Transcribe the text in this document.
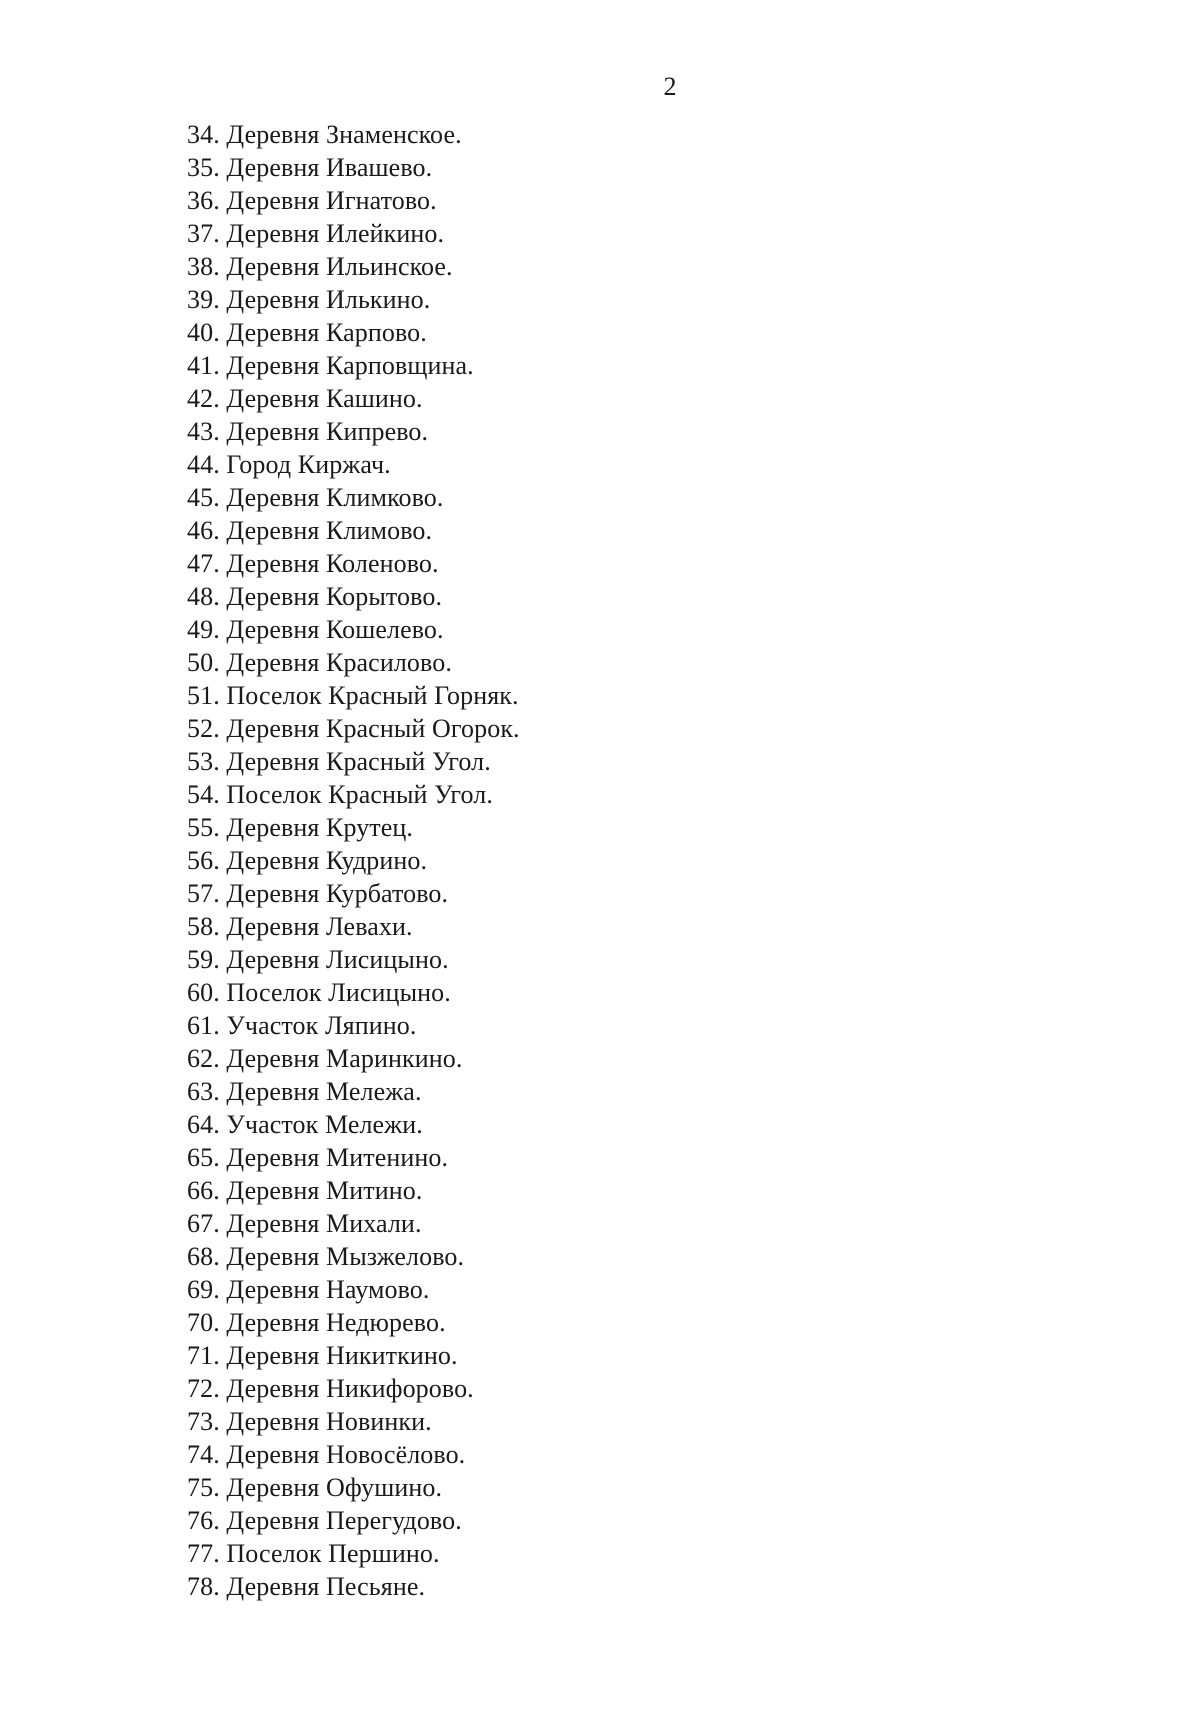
2
34. Деревня Знаменское.
35. Деревня Ивашево.
36. Деревня Игнатово.
37. Деревня Илейкино.
38. Деревня Ильинское.
39. Деревня Илькино.
40. Деревня Карпово.
41. Деревня Карповщина.
42. Деревня Кашино.
43. Деревня Кипрево.
44. Город Киржач.
45. Деревня Климково.
46. Деревня Климово.
47. Деревня Коленово.
48. Деревня Корытово.
49. Деревня Кошелево.
50. Деревня Красилово.
51. Поселок Красный Горняк.
52. Деревня Красный Огорок.
53. Деревня Красный Угол.
54. Поселок Красный Угол.
55. Деревня Крутец.
56. Деревня Кудрино.
57. Деревня Курбатово.
58. Деревня Левахи.
59. Деревня Лисицыно.
60. Поселок Лисицыно.
61. Участок Ляпино.
62. Деревня Маринкино.
63. Деревня Мележа.
64. Участок Мележи.
65. Деревня Митенино.
66. Деревня Митино.
67. Деревня Михали.
68. Деревня Мызжелово.
69. Деревня Наумово.
70. Деревня Недюрево.
71. Деревня Никиткино.
72. Деревня Никифорово.
73. Деревня Новинки.
74. Деревня Новосёлово.
75. Деревня Офушино.
76. Деревня Перегудово.
77. Поселок Першино.
78. Деревня Песьяне.
